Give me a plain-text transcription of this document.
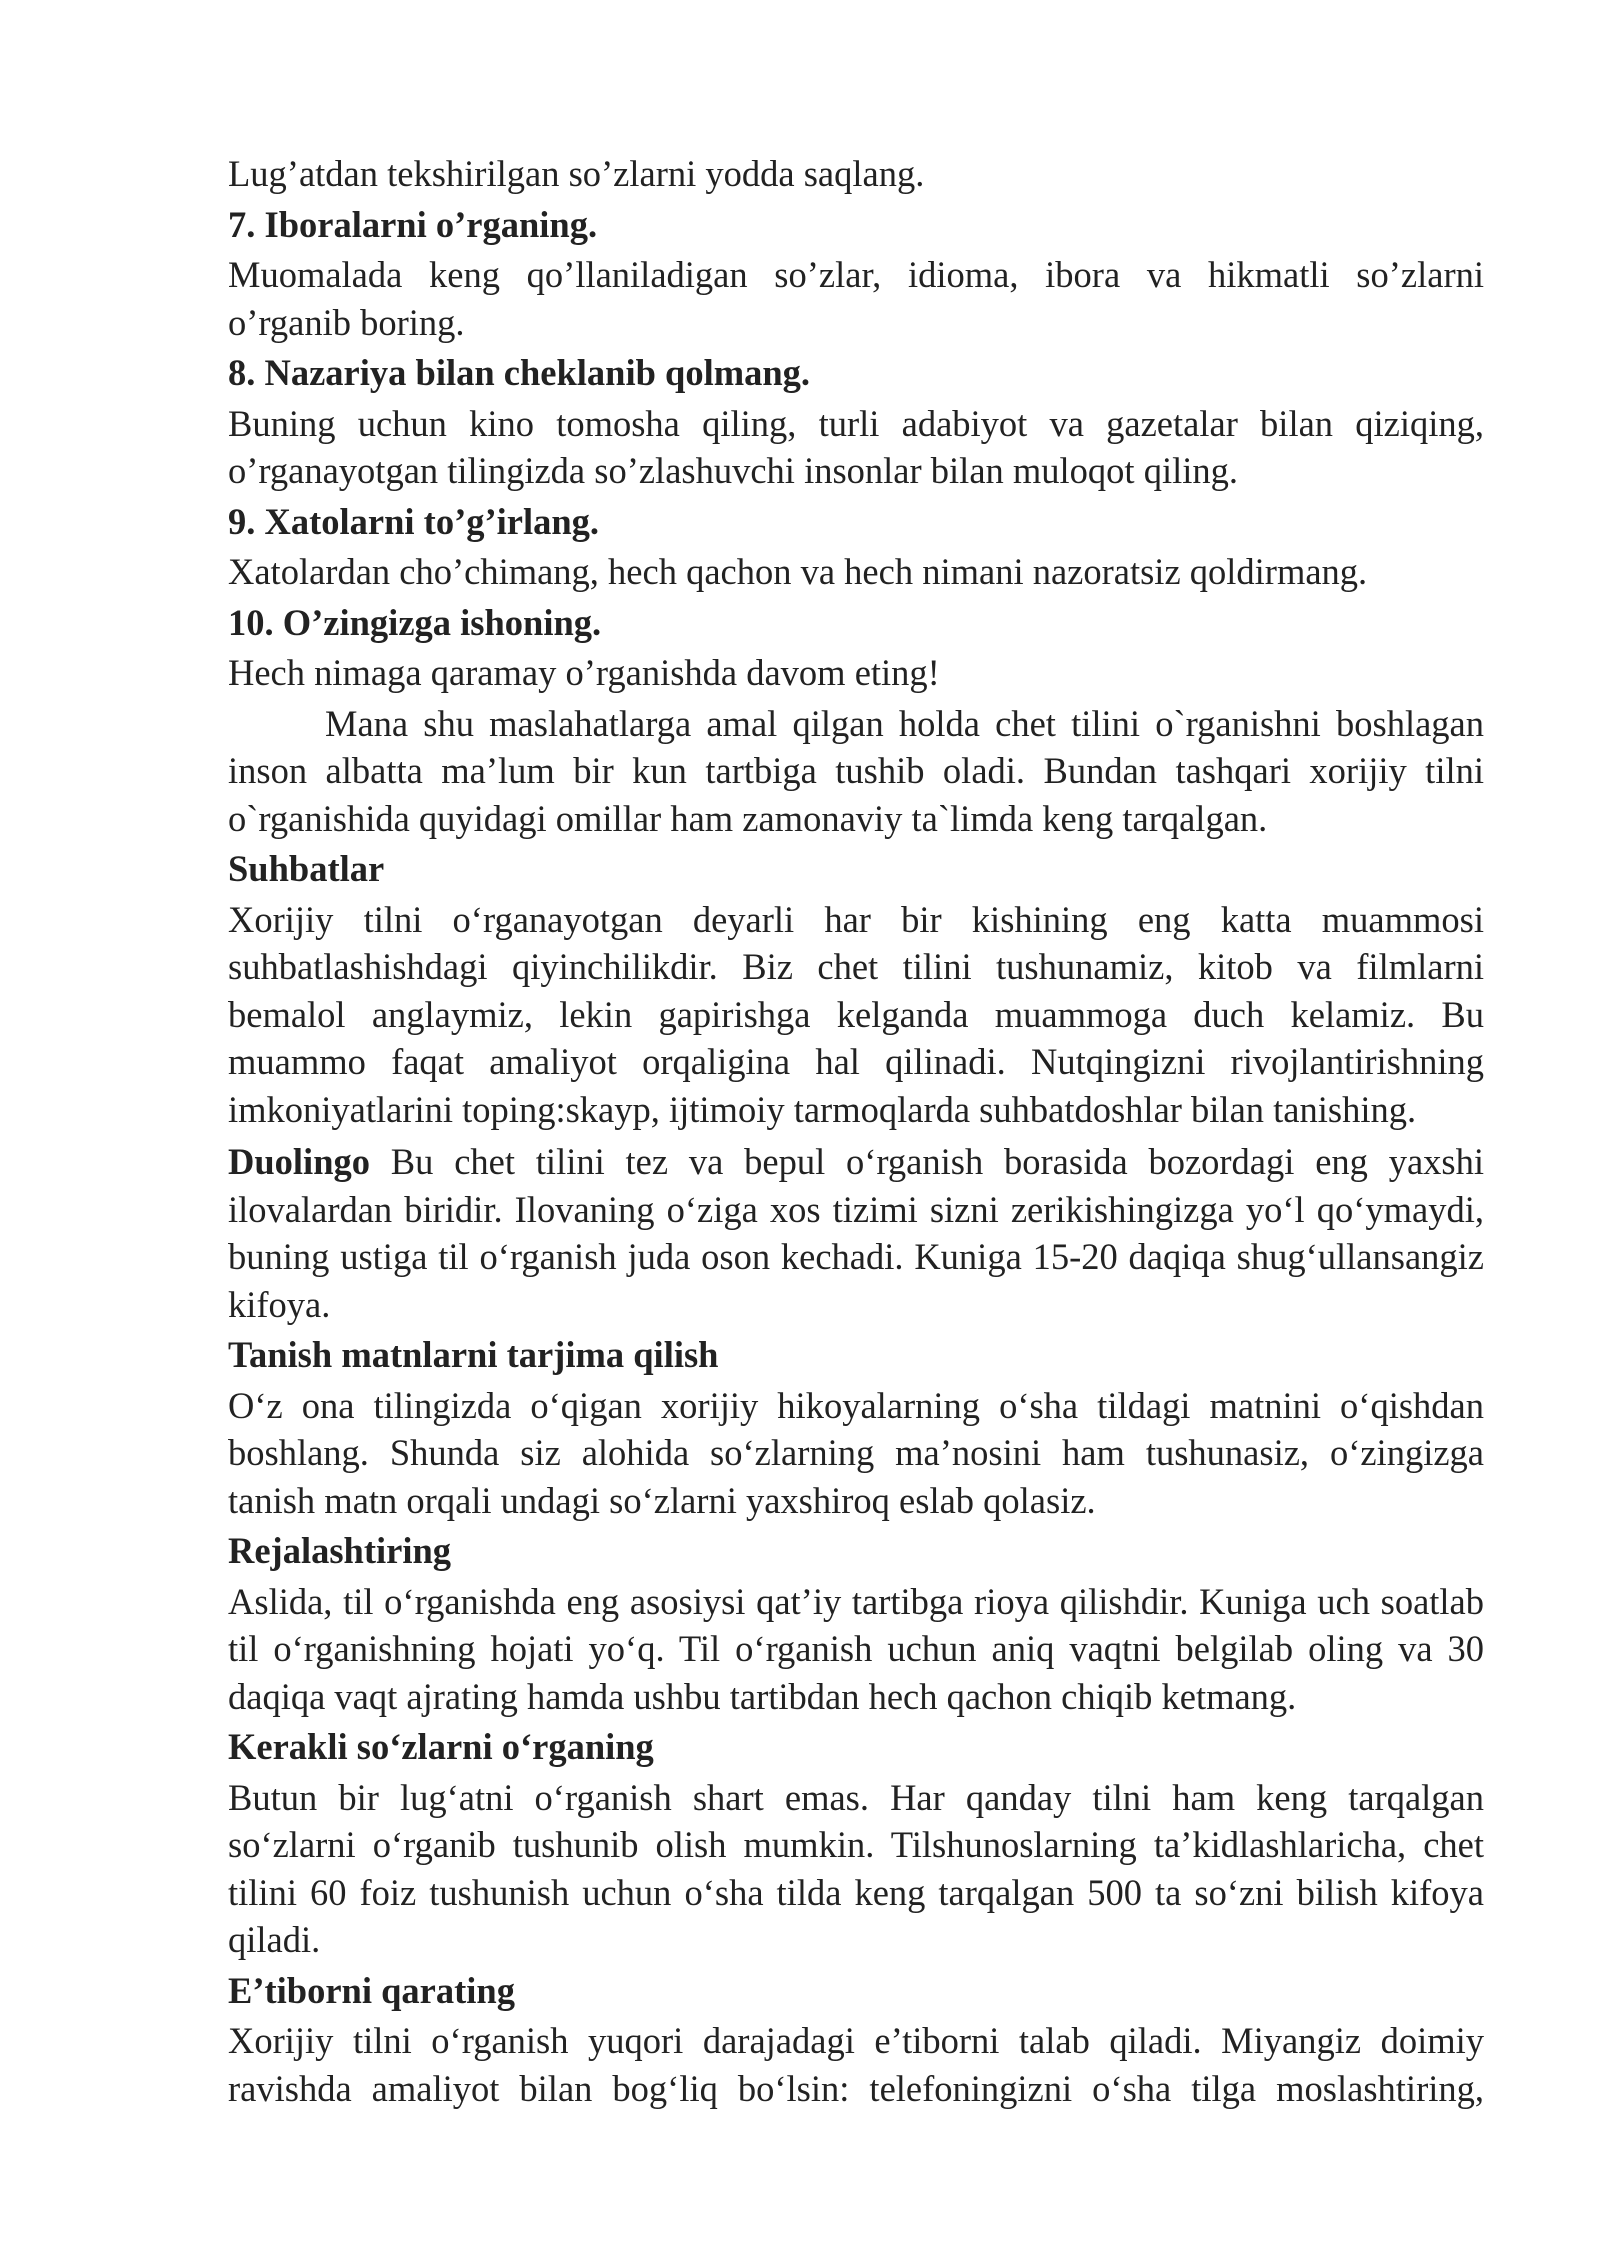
Lug’atdan tekshirilgan so’zlarni yodda saqlang.
7. Iboralarni o’rganing.
Muomalada keng qo’llaniladigan so’zlar, idioma, ibora va hikmatli so’zlarni
o’rganib boring.
8. Nazariya bilan cheklanib qolmang.
Buning uchun kino tomosha qiling, turli adabiyot va gazetalar bilan qiziqing,
o’rganayotgan tilingizda so’zlashuvchi insonlar bilan muloqot qiling.
9. Xatolarni to’g’irlang.
Xatolardan cho’chimang, hech qachon va hech nimani nazoratsiz qoldirmang.
10. O’zingizga ishoning.
Hech nimaga qaramay o’rganishda davom eting!
Mana shu maslahatlarga amal qilgan holda chet tilini o`rganishni boshlagan
inson albatta ma’lum bir kun tartbiga tushib oladi. Bundan tashqari xorijiy tilni
o`rganishida quyidagi omillar ham zamonaviy ta`limda keng tarqalgan.
Suhbatlar
Xorijiy tilni o‘rganayotgan deyarli har bir kishining eng katta muammosi
suhbatlashishdagi qiyinchilikdir. Biz chet tilini tushunamiz, kitob va filmlarni
bemalol anglaymiz, lekin gapirishga kelganda muammoga duch kelamiz. Bu
muammo faqat amaliyot orqaligina hal qilinadi. Nutqingizni rivojlantirishning
imkoniyatlarini toping:skayp, ijtimoiy tarmoqlarda suhbatdoshlar bilan tanishing.
Duolingo Bu chet tilini tez va bepul o‘rganish borasida bozordagi eng yaxshi
ilovalardan biridir. Ilovaning o‘ziga xos tizimi sizni zerikishingizga yo‘l qo‘ymaydi,
buning ustiga til o‘rganish juda oson kechadi. Kuniga 15-20 daqiqa shug‘ullansangiz
kifoya.
Tanish matnlarni tarjima qilish
O‘z ona tilingizda o‘qigan xorijiy hikoyalarning o‘sha tildagi matnini o‘qishdan
boshlang. Shunda siz alohida so‘zlarning ma’nosini ham tushunasiz, o‘zingizga
tanish matn orqali undagi so‘zlarni yaxshiroq eslab qolasiz.
Rejalashtiring
Aslida, til o‘rganishda eng asosiysi qat’iy tartibga rioya qilishdir. Kuniga uch soatlab
til o‘rganishning hojati yo‘q. Til o‘rganish uchun aniq vaqtni belgilab oling va 30
daqiqa vaqt ajrating hamda ushbu tartibdan hech qachon chiqib ketmang.
Kerakli so‘zlarni o‘rganing
Butun bir lug‘atni o‘rganish shart emas. Har qanday tilni ham keng tarqalgan
so‘zlarni o‘rganib tushunib olish mumkin. Tilshunoslarning ta’kidlashlaricha, chet
tilini 60 foiz tushunish uchun o‘sha tilda keng tarqalgan 500 ta so‘zni bilish kifoya
qiladi.
E’tiborni qarating
Xorijiy tilni o‘rganish yuqori darajadagi e’tiborni talab qiladi. Miyangiz doimiy
ravishda amaliyot bilan bog‘liq bo‘lsin: telefoningizni o‘sha tilga moslashtiring,
